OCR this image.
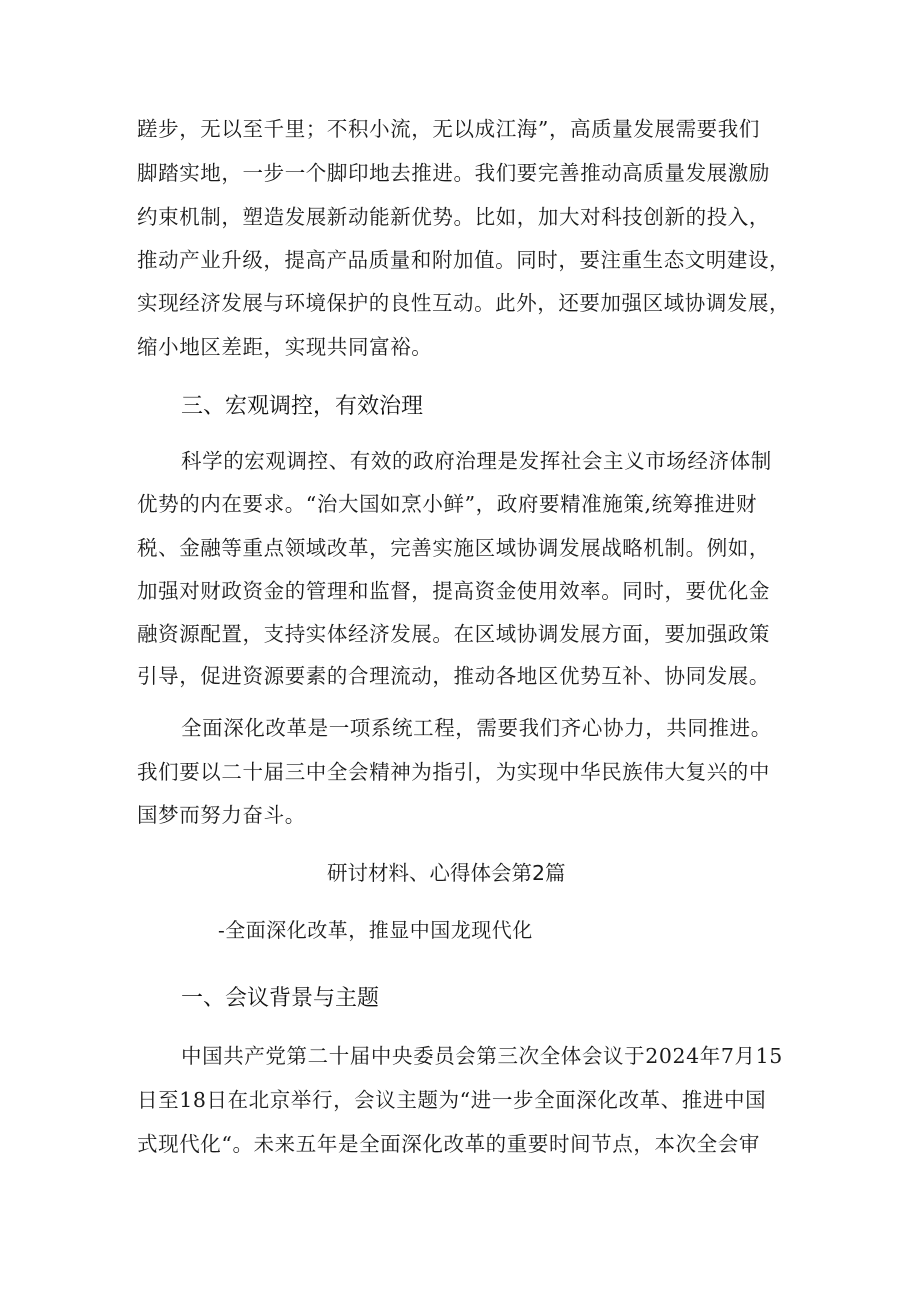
蹉步，无以至千里；不积小流，无以成江海”，高质量发展需要我们
脚踏实地，一步一个脚印地去推进。我们要完善推动高质量发展激励
约束机制，塑造发展新动能新优势。比如，加大对科技创新的投入，
推动产业升级，提高产品质量和附加值。同时，要注重生态文明建设，
实现经济发展与环境保护的良性互动。此外，还要加强区域协调发展，
缩小地区差距，实现共同富裕。
三、宏观调控，有效治理
科学的宏观调控、有效的政府治理是发挥社会主义市场经济体制
优势的内在要求。“治大国如烹小鲜”，政府要精准施策,统筹推进财
税、金融等重点领域改革，完善实施区域协调发展战略机制。例如，
加强对财政资金的管理和监督，提高资金使用效率。同时，要优化金
融资源配置，支持实体经济发展。在区域协调发展方面，要加强政策
引导，促进资源要素的合理流动，推动各地区优势互补、协同发展。
全面深化改革是一项系统工程，需要我们齐心协力，共同推进。
我们要以二十届三中全会精神为指引，为实现中华民族伟大复兴的中
国梦而努力奋斗。
研讨材料、心得体会第2篇
-全面深化改革，推显中国龙现代化
一、会议背景与主题
中国共产党第二十届中央委员会第三次全体会议于2024年7月15
日至18日在北京举行，会议主题为“进一步全面深化改革、推进中国
式现代化“。未来五年是全面深化改革的重要时间节点，本次全会审
